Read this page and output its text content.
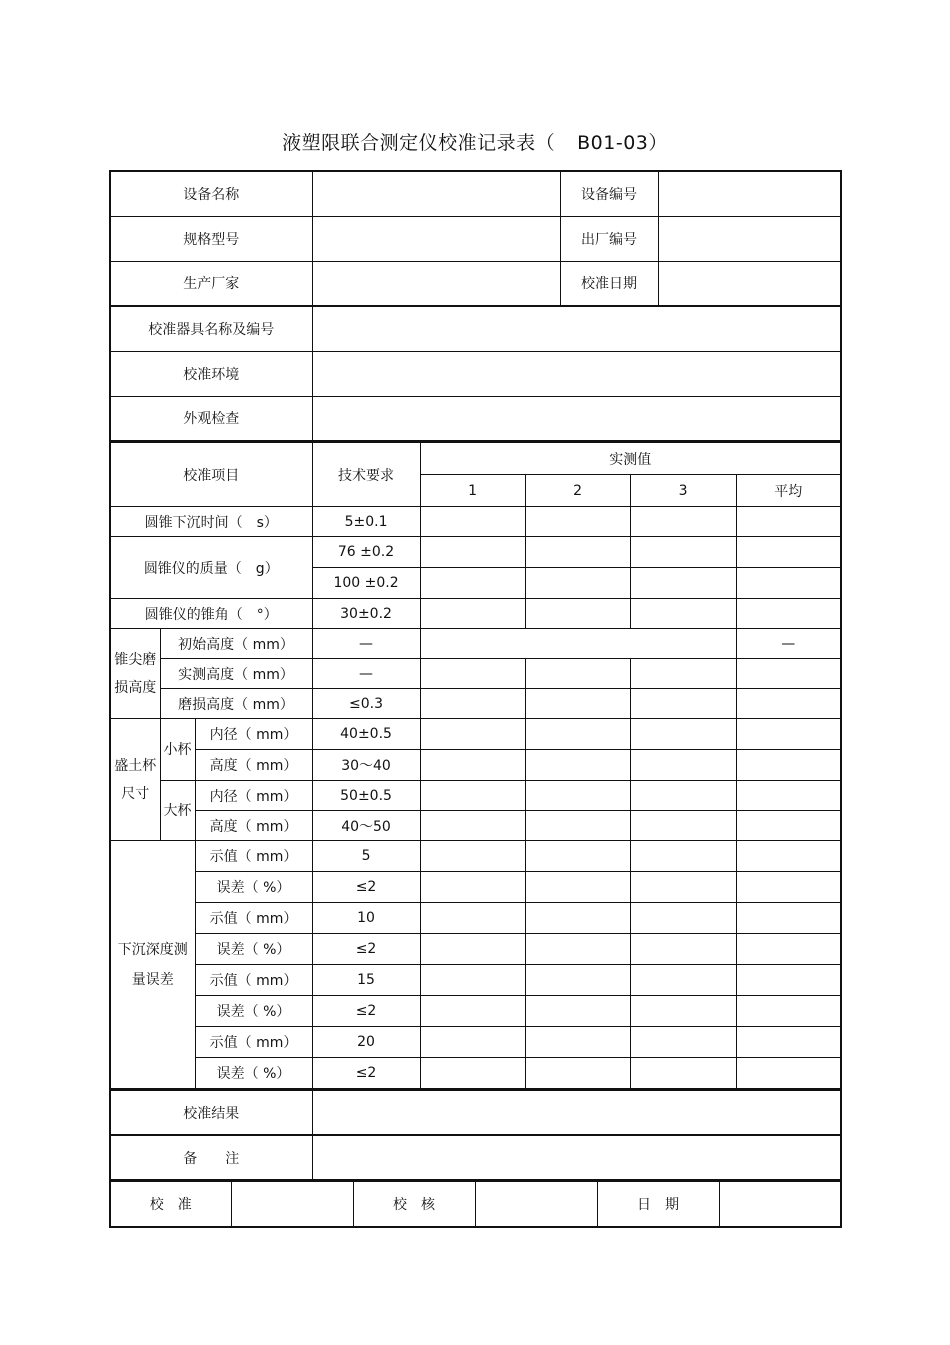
液塑限联合测定仪校准记录表（ B01-03）
设备名称		设备编号	
规格型号		出厂编号	
生产厂家		校准日期	
校准器具名称及编号			
校准环境			
外观检查			
校准项目			技术要求	实测值			
				1	2	3	平均
圆锥下沉时间（　s）			5±0.1				
圆锥仪的质量（　g）			76 ±0.2				
			100 ±0.2				
圆锥仪的锥角（　°）			30±0.2				
锥尖磨损高度	初始高度（ mm）		—				—
	实测高度（ mm）		—				
	磨损高度（ mm）		≤0.3				
盛土杯尺寸	小杯	内径（ mm）	40±0.5				
		高度（ mm）	30～40				
	大杯	内径（ mm）	50±0.5				
		高度（ mm）	40～50				
下沉深度测量误差		示值（ mm）	5				
		误差（ %）	≤2				
		示值（ mm）	10				
		误差（ %）	≤2				
		示值（ mm）	15				
		误差（ %）	≤2				
		示值（ mm）	20				
		误差（ %）	≤2				
校准结果	
备　　注	
校　准		校　核		日　期	
